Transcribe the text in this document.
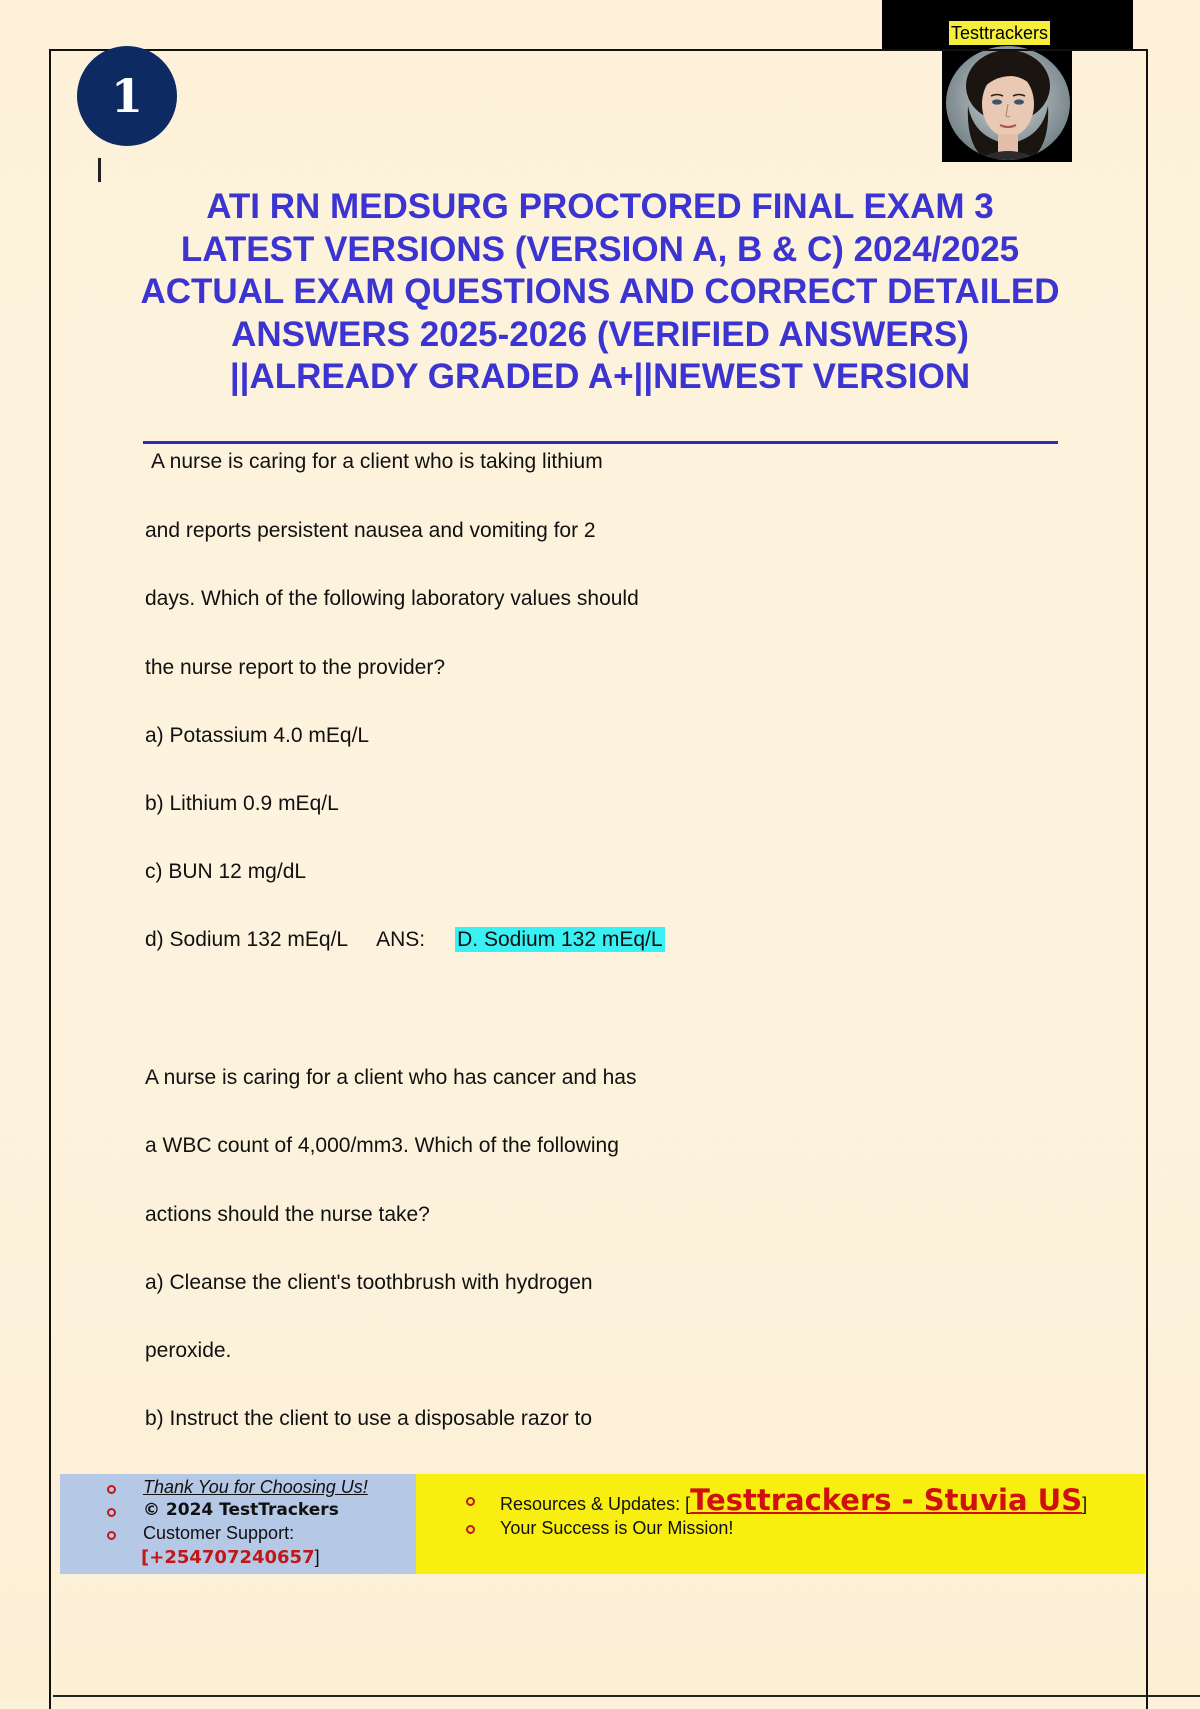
Testtrackers
1
ATI RN MEDSURG PROCTORED FINAL EXAM 3 LATEST VERSIONS (VERSION A, B & C) 2024/2025 ACTUAL EXAM QUESTIONS AND CORRECT DETAILED ANSWERS 2025-2026 (VERIFIED ANSWERS) ||ALREADY GRADED A+||NEWEST VERSION

A nurse is caring for a client who is taking lithium

and reports persistent nausea and vomiting for 2

days. Which of the following laboratory values should

the nurse report to the provider?

a) Potassium 4.0 mEq/L

b) Lithium 0.9 mEq/L

c) BUN 12 mg/dL

d) Sodium 132 mEq/L ANS: D. Sodium 132 mEq/L

A nurse is caring for a client who has cancer and has

a WBC count of 4,000/mm3. Which of the following

actions should the nurse take?

a) Cleanse the client's toothbrush with hydrogen

peroxide.

b) Instruct the client to use a disposable razor to

Thank You for Choosing Us!

© 2024 TestTrackers

Customer Support:

[+254707240657]

Resources & Updates: [Testtrackers - Stuvia US]

Your Success is Our Mission!
